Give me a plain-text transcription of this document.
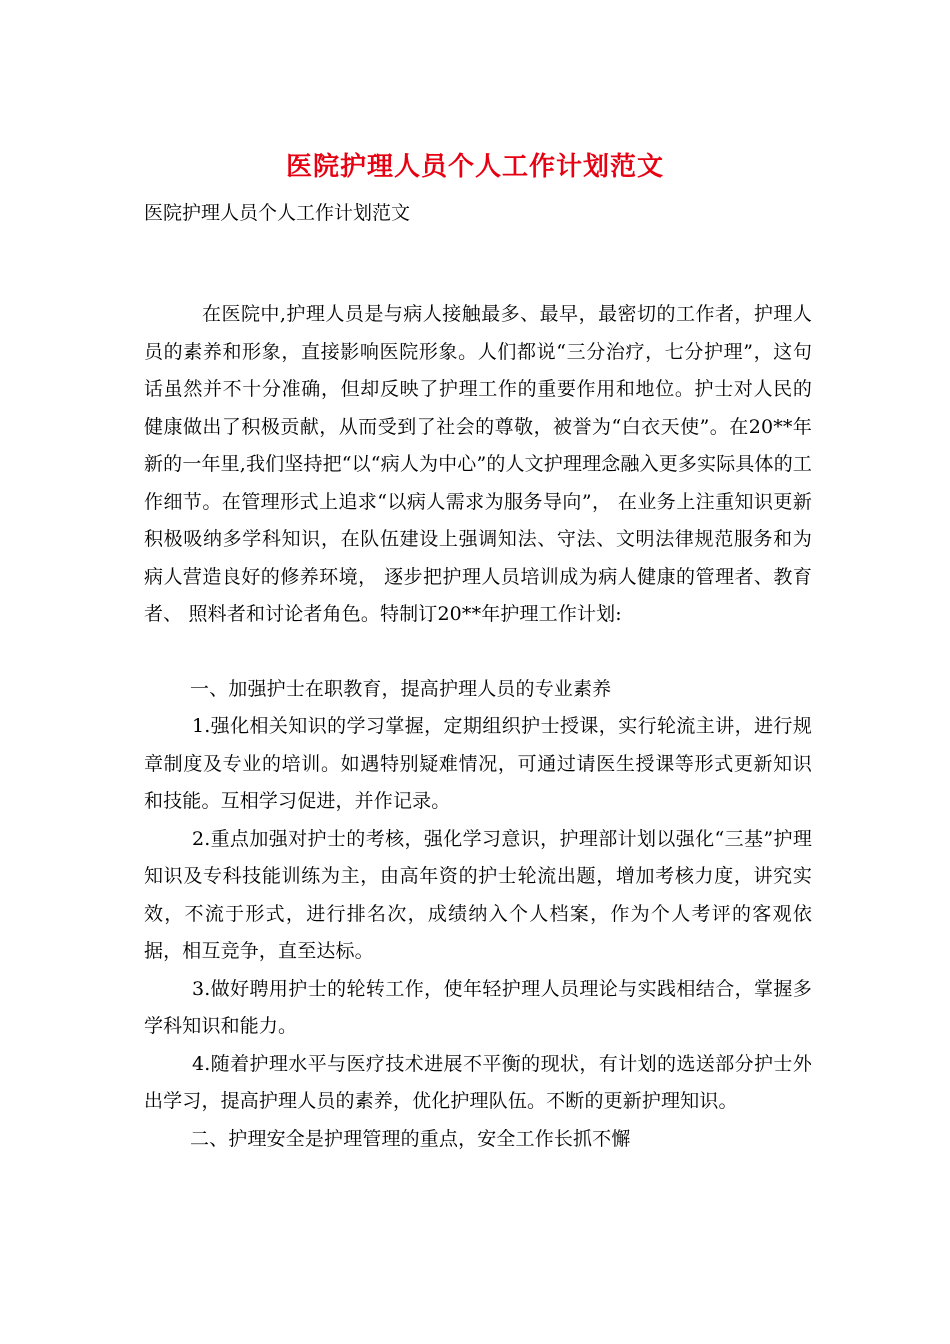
医院护理人员个人工作计划范文
医院护理人员个人工作计划范文

在医院中,护理人员是与病人接触最多、最早，最密切的工作者，护理人员的素养和形象，直接影响医院形象。人们都说“三分治疗，七分护理”，这句话虽然并不十分准确，但却反映了护理工作的重要作用和地位。护士对人民的健康做出了积极贡献，从而受到了社会的尊敬，被誉为“白衣天使”。在20**年新的一年里,我们坚持把“以“病人为中心”的人文护理理念融入更多实际具体的工作细节。在管理形式上追求“以病人需求为服务导向”， 在业务上注重知识更新积极吸纳多学科知识，在队伍建设上强调知法、守法、文明法律规范服务和为病人营造良好的修养环境， 逐步把护理人员培训成为病人健康的管理者、教育者、 照料者和讨论者角色。特制订20**年护理工作计划:

一、加强护士在职教育，提高护理人员的专业素养

1.强化相关知识的学习掌握，定期组织护士授课，实行轮流主讲，进行规章制度及专业的培训。如遇特别疑难情况，可通过请医生授课等形式更新知识和技能。互相学习促进，并作记录。

2.重点加强对护士的考核，强化学习意识，护理部计划以强化“三基”护理知识及专科技能训练为主，由高年资的护士轮流出题，增加考核力度，讲究实效，不流于形式，进行排名次，成绩纳入个人档案，作为个人考评的客观依据，相互竞争，直至达标。

3.做好聘用护士的轮转工作，使年轻护理人员理论与实践相结合，掌握多学科知识和能力。

4.随着护理水平与医疗技术进展不平衡的现状，有计划的选送部分护士外出学习，提高护理人员的素养，优化护理队伍。不断的更新护理知识。

二、护理安全是护理管理的重点，安全工作长抓不懈
